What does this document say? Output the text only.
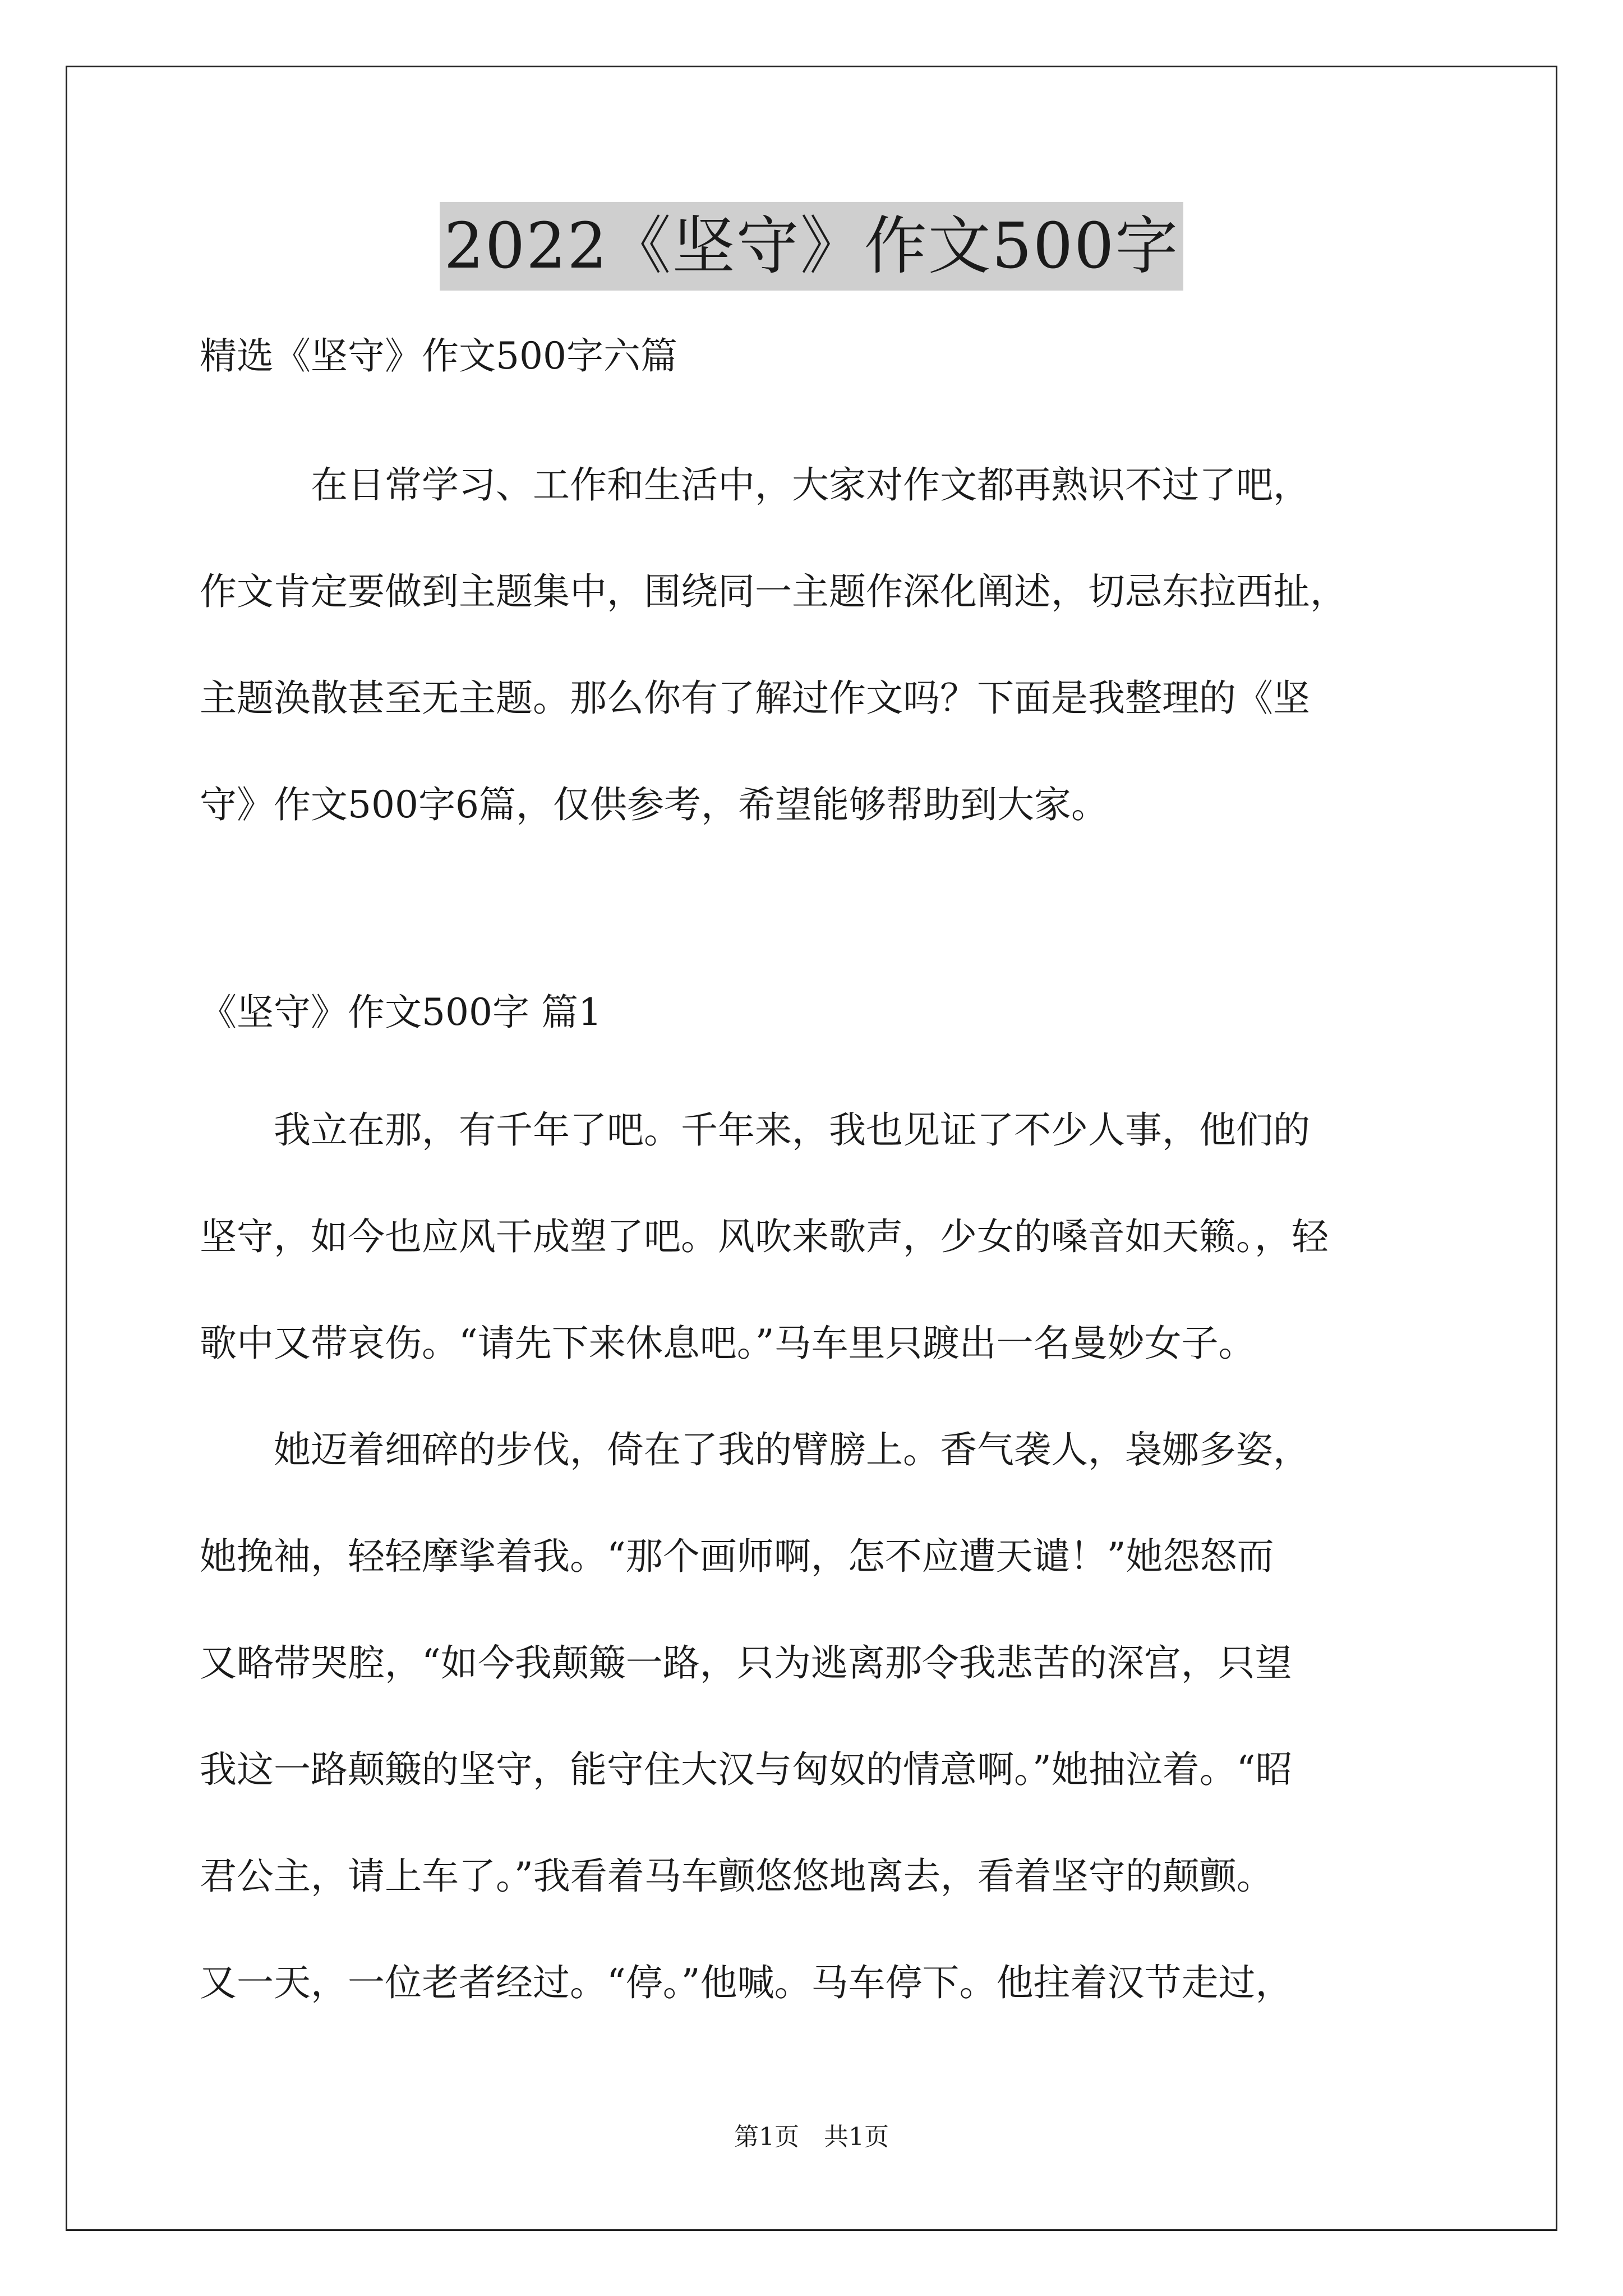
2022《坚守》作文500字
精选《坚守》作文500字六篇
　　　在日常学习、工作和生活中，大家对作文都再熟识不过了吧，
作文肯定要做到主题集中，围绕同一主题作深化阐述，切忌东拉西扯，
主题涣散甚至无主题。那么你有了解过作文吗？下面是我整理的《坚
守》作文500字6篇，仅供参考，希望能够帮助到大家。
《坚守》作文500字 篇1
　　我立在那，有千年了吧。千年来，我也见证了不少人事，他们的
坚守，如今也应风干成塑了吧。风吹来歌声，少女的嗓音如天籁。，轻
歌中又带哀伤。“请先下来休息吧。”马车里只踱出一名曼妙女子。
　　她迈着细碎的步伐，倚在了我的臂膀上。香气袭人，袅娜多姿，
她挽袖，轻轻摩挲着我。“那个画师啊，怎不应遭天谴！”她怨怒而
又略带哭腔，“如今我颠簸一路，只为逃离那令我悲苦的深宫，只望
我这一路颠簸的坚守，能守住大汉与匈奴的情意啊。”她抽泣着。“昭
君公主，请上车了。”我看着马车颤悠悠地离去，看着坚守的颠颤。
又一天，一位老者经过。“停。”他喊。马车停下。他拄着汉节走过，
第1页　共1页
